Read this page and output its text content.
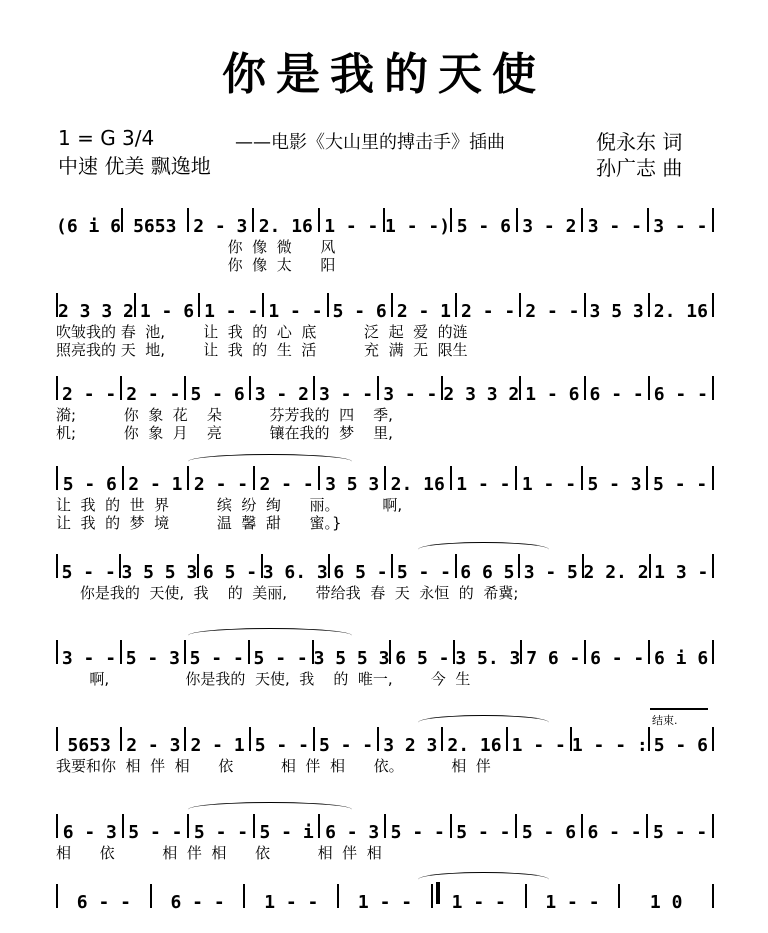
你是我的天使
1 = G 3/4	——电影《大山里的搏击手》插曲
中速 优美 飘逸地
倪永东 词
孙广志 曲
(6 i 6 5653 2 - 3 2. 16 1 - - 1 - -) 5 - 6 3 - 2 3 - - 3 - -
你  像  微      风
你  像  太      阳
2 3 3 2 1 - 6 1 - - 1 - - 5 - 6 2 - 1 2 - - 2 - - 3 5 3 2. 16
吹皱我的 春  池,        让  我  的  心  底          泛  起  爱  的涟
照亮我的 天  地,        让  我  的  生  活          充  满  无  限生
2 - - 2 - - 5 - 6 3 - 2 3 - - 3 - - 2 3 3 2 1 - 6 6 - - 6 - -
漪;          你  象  花    朵          芬芳我的  四    季,
机;          你  象  月    亮          镶在我的  梦    里,
5 - 6 2 - 1 2 - - 2 - - 3 5 3 2. 16 1 - - 1 - - 5 - 3 5 - -
让  我  的  世  界          缤  纷  绚      丽。         啊,
让  我  的  梦  境          温  馨  甜      蜜。}
5 - - 3 5 5 3 6 5 - 3 6. 3 6 5 - 5 - - 6 6 5 3 - 5 2 2. 2 1 3 -
你是我的  天使,  我    的  美丽,      带给我  春  天  永恒  的  希冀;
3 - - 5 - 3 5 - - 5 - - 3 5 5 3 6 5 - 3 5. 3 7 6 - 6 - - 6 i 6
啊,                你是我的  天使,  我    的  唯一,        今  生
5653 2 - 3 2 - 1 5 - - 5 - - 3 2 3 2. 16 1 - - 1 - - : 5 - 6
我要和你  相  伴  相      依          相  伴  相      依。          相  伴
6 - 3 5 - - 5 - - 5 - i 6 - 3 5 - - 5 - - 5 - 6 6 - - 5 - -
相      依          相  伴  相      依          相  伴  相
6 - -	6 - -	1 - -	1 - -	1 - -	1 - -	1 0
结束.
